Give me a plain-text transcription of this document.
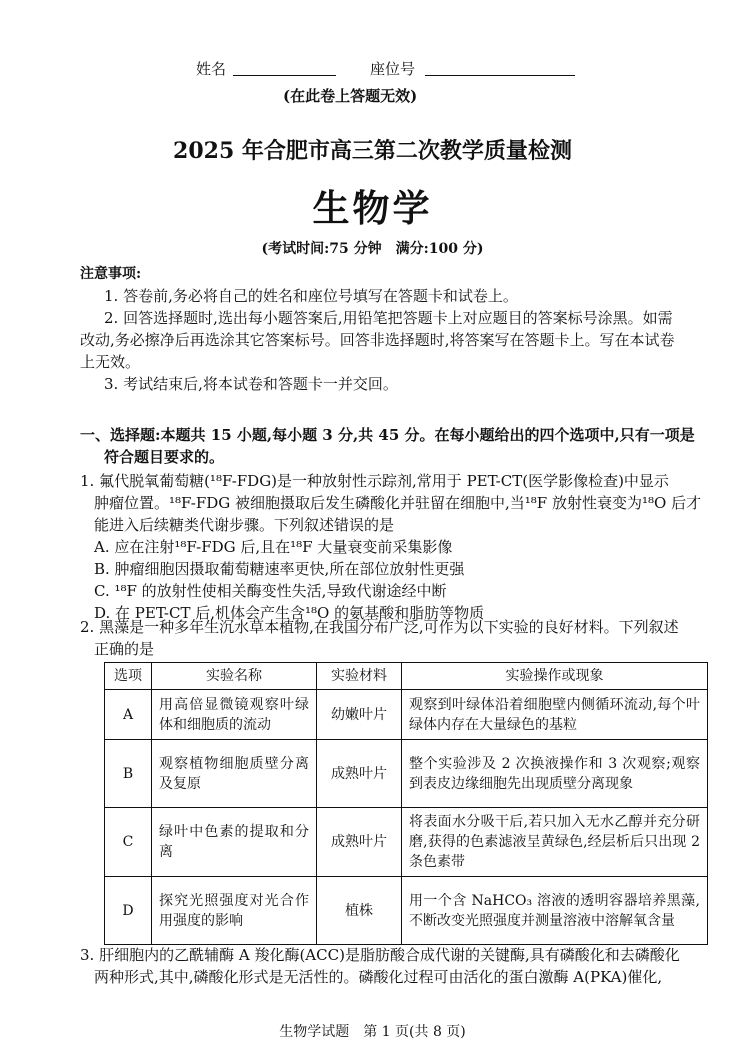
姓名	座位号
(在此卷上答题无效)
2025 年合肥市高三第二次教学质量检测
生物学
(考试时间:75 分钟　满分:100 分)
注意事项:
1. 答卷前,务必将自己的姓名和座位号填写在答题卡和试卷上。
2. 回答选择题时,选出每小题答案后,用铅笔把答题卡上对应题目的答案标号涂黑。如需
改动,务必擦净后再选涂其它答案标号。回答非选择题时,将答案写在答题卡上。写在本试卷
上无效。
3. 考试结束后,将本试卷和答题卡一并交回。
一、选择题:本题共 15 小题,每小题 3 分,共 45 分。在每小题给出的四个选项中,只有一项是
符合题目要求的。
1. 氟代脱氧葡萄糖(¹⁸F-FDG)是一种放射性示踪剂,常用于 PET-CT(医学影像检查)中显示
肿瘤位置。¹⁸F-FDG 被细胞摄取后发生磷酸化并驻留在细胞中,当¹⁸F 放射性衰变为¹⁸O 后才
能进入后续糖类代谢步骤。下列叙述错误的是
A. 应在注射¹⁸F-FDG 后,且在¹⁸F 大量衰变前采集影像
B. 肿瘤细胞因摄取葡萄糖速率更快,所在部位放射性更强
C. ¹⁸F 的放射性使相关酶变性失活,导致代谢途经中断
D. 在 PET-CT 后,机体会产生含¹⁸O 的氨基酸和脂肪等物质
2. 黑藻是一种多年生沉水草本植物,在我国分布广泛,可作为以下实验的良好材料。下列叙述
正确的是
选项	实验名称	实验材料	实验操作或现象
A	用高倍显微镜观察叶绿体和细胞质的流动	幼嫩叶片	观察到叶绿体沿着细胞壁内侧循环流动,每个叶绿体内存在大量绿色的基粒
B	观察植物细胞质壁分离及复原	成熟叶片	整个实验涉及 2 次换液操作和 3 次观察;观察到表皮边缘细胞先出现质壁分离现象
C	绿叶中色素的提取和分离	成熟叶片	将表面水分吸干后,若只加入无水乙醇并充分研磨,获得的色素滤液呈黄绿色,经层析后只出现 2 条色素带
D	探究光照强度对光合作用强度的影响	植株	用一个含 NaHCO₃ 溶液的透明容器培养黑藻,不断改变光照强度并测量溶液中溶解氧含量
3. 肝细胞内的乙酰辅酶 A 羧化酶(ACC)是脂肪酸合成代谢的关键酶,具有磷酸化和去磷酸化
两种形式,其中,磷酸化形式是无活性的。磷酸化过程可由活化的蛋白激酶 A(PKA)催化,
生物学试题　第 1 页(共 8 页)
